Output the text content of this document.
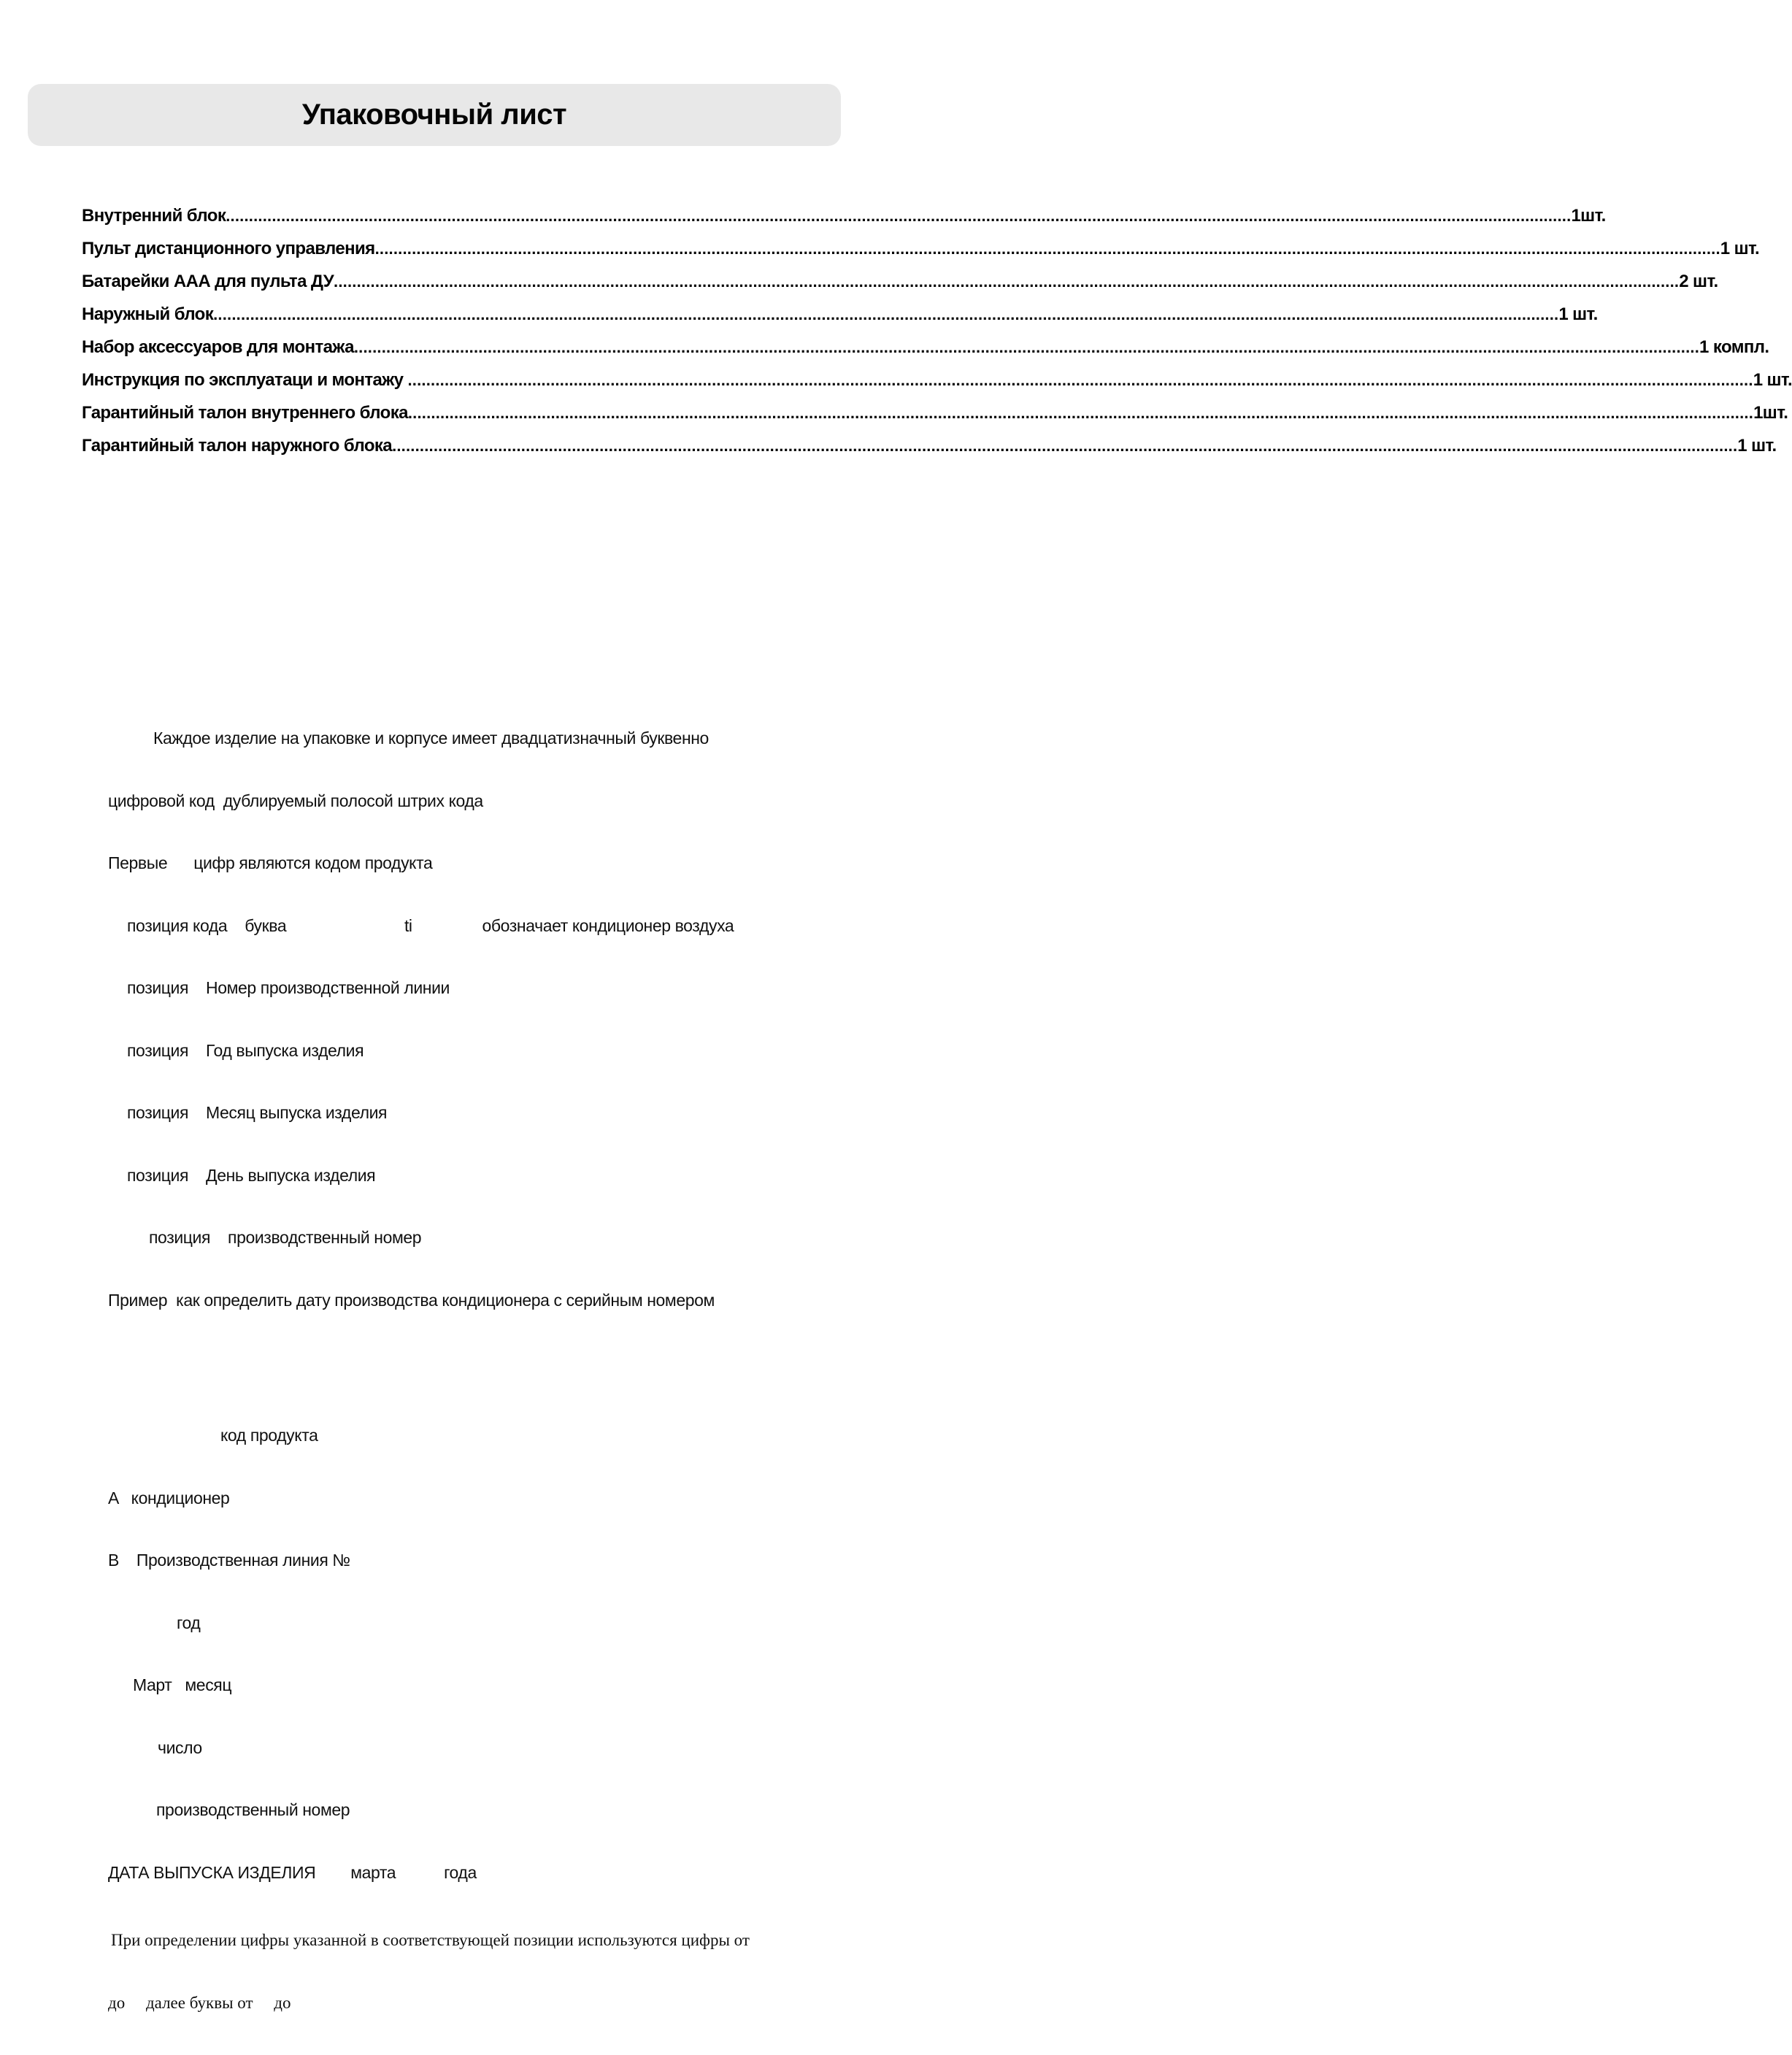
Упаковочный лист
Внутренний блок .....	1шт.
Пульт дистанционного управления .....	1 шт.
Батарейки ААА для пульта ДУ .....	2 шт.
Наружный блок .....	1 шт.
Набор аксессуаров для монтажа .....	1 компл.
Инструкция по эксплуатаци и монтажу .....	1 шт.
Гарантийный талон внутреннего блока .....	1шт.
Гарантийный талон наружного блока .....	1 шт.

Каждое изделие на упаковке и корпусе имеет двадцатизначный буквенно

цифровой код  дублируемый полосой штрих кода

Первые      цифр являются кодом продукта

позиция кода    буква                           ti                обозначает кондиционер воздуха

позиция    Номер производственной линии

позиция    Год выпуска изделия

позиция    Месяц выпуска изделия

позиция    День выпуска изделия

позиция    производственный номер

Пример  как определить дату производства кондиционера с серийным номером

код продукта

A   кондиционер

B    Производственная линия №

год

Март   месяц

число

производственный номер

ДАТА ВЫПУСКА ИЗДЕЛИЯ        марта           года

При определении цифры указанной в соответствующей позиции используются цифры от

до     далее буквы от     до
